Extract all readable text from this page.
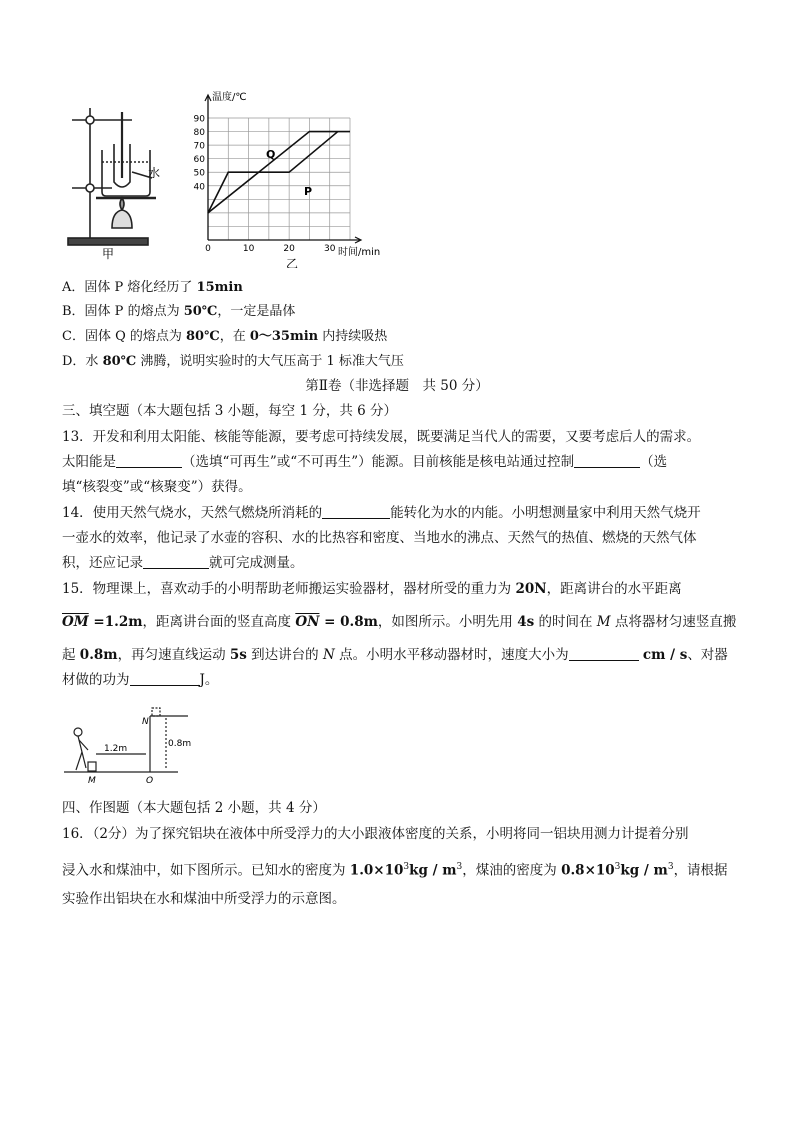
水
甲
40
50
60
70
80
90
0	10	20	30
温度/℃
时间/min
Q
P
乙
A．固体 P 熔化经历了 15min
B．固体 P 的熔点为 50℃，一定是晶体
C．固体 Q 的熔点为 80℃，在 0～35min 内持续吸热
D．水 80℃ 沸腾，说明实验时的大气压高于 1 标准大气压
第Ⅱ卷（非选择题　共 50 分）
三、填空题（本大题包括 3 小题，每空 1 分，共 6 分）
13．开发和利用太阳能、核能等能源，要考虑可持续发展，既要满足当代人的需要，又要考虑后人的需求。
太阳能是	（选填“可再生”或“不可再生”）能源。目前核能是核电站通过控制	（选
填“核裂变”或“核聚变”）获得。
14．使用天然气烧水，天然气燃烧所消耗的	能转化为水的内能。小明想测量家中利用天然气烧开
一壶水的效率，他记录了水壶的容积、水的比热容和密度、当地水的沸点、天然气的热值、燃烧的天然气体
积，还应记录	就可完成测量。
15．物理课上，喜欢动手的小明帮助老师搬运实验器材，器材所受的重力为 20N，距离讲台的水平距离
$\overline{OM} =1.2m$，距离讲台面的竖直高度 $\overline{ON} = 0.8m$，如图所示。小明先用 4s 的时间在 M 点将器材匀速竖直搬
起 0.8m，再匀速直线运动 5s 到达讲台的 N 点。小明水平移动器材时，速度大小为	cm / s、对器
材做的功为	J。
1.2m	0.8m
M
N
O
四、作图题（本大题包括 2 小题，共 4 分）
16．（2分）为了探究铝块在液体中所受浮力的大小跟液体密度的关系，小明将同一铝块用测力计提着分别
浸入水和煤油中，如下图所示。已知水的密度为 $1.0\times 10^3kg / m^3$，煤油的密度为 $0.8\times 10^3kg / m^3$，请根据
实验作出铝块在水和煤油中所受浮力的示意图。
